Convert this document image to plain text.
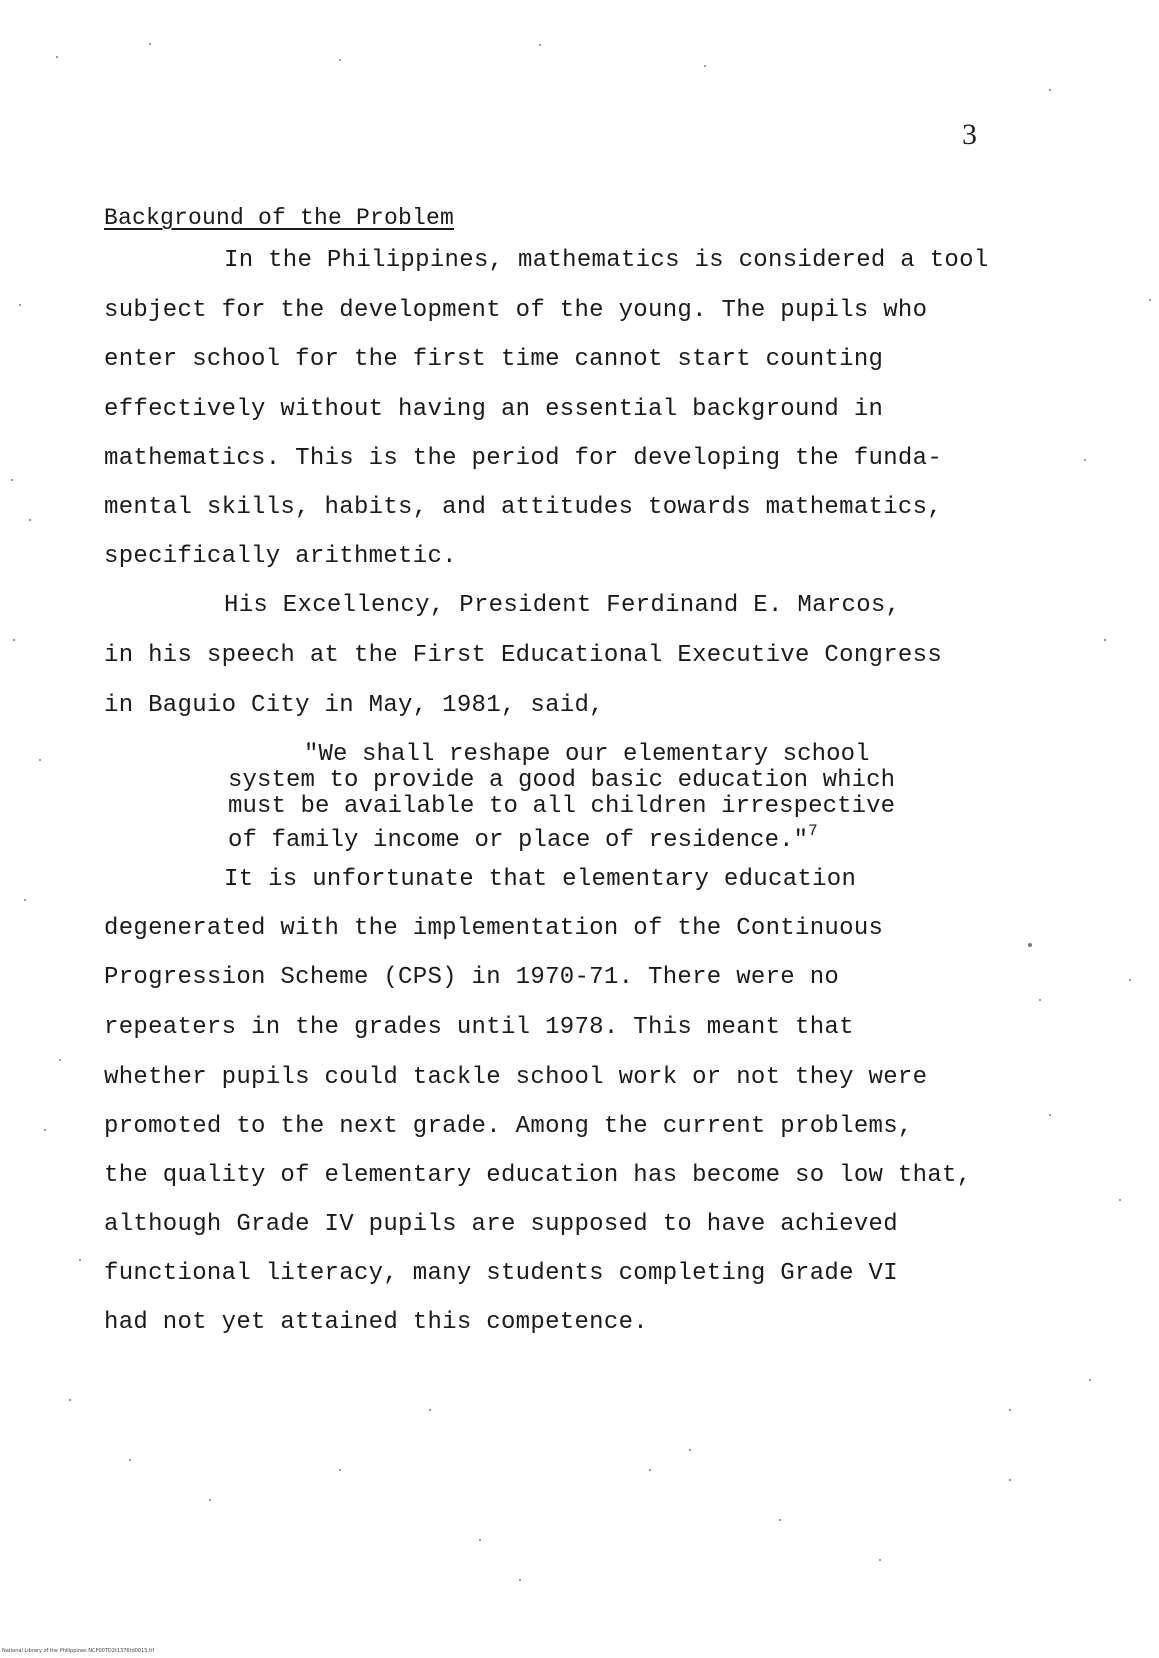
3
Background of the Problem
In the Philippines, mathematics is considered a tool
subject for the development of the young. The pupils who
enter school for the first time cannot start counting
effectively without having an essential background in
mathematics. This is the period for developing the funda-
mental skills, habits, and attitudes towards mathematics,
specifically arithmetic.
His Excellency, President Ferdinand E. Marcos,
in his speech at the First Educational Executive Congress
in Baguio City in May, 1981, said,
"We shall reshape our elementary school
system to provide a good basic education which
must be available to all children irrespective
of family income or place of residence."$^7$
It is unfortunate that elementary education
degenerated with the implementation of the Continuous
Progression Scheme (CPS) in 1970-71. There were no
repeaters in the grades until 1978. This meant that
whether pupils could tackle school work or not they were
promoted to the next grade. Among the current problems,
the quality of elementary education has become so low that,
although Grade IV pupils are supposed to have achieved
functional literacy, many students completing Grade VI
had not yet attained this competence.
National Library of the Philippines NCP00TD2t1376td0015.tif
